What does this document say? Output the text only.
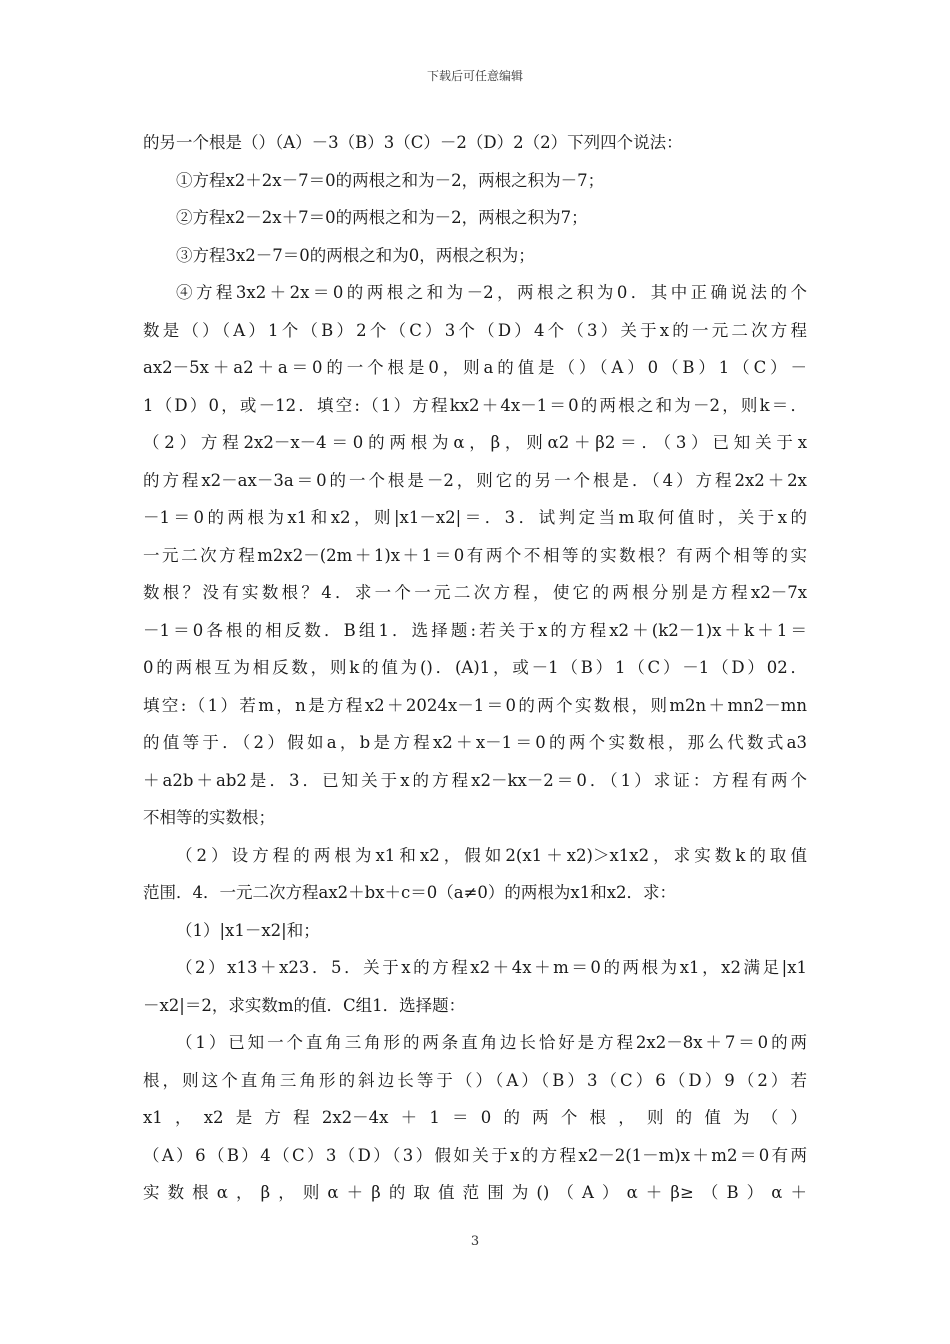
下载后可任意编辑
的另一个根是（）（A）－3（B）3（C）－2（D）2（2）下列四个说法：
①方程x2＋2x－7＝0的两根之和为－2，两根之积为－7；
②方程x2－2x＋7＝0的两根之和为－2，两根之积为7；
③方程3x2－7＝0的两根之和为0，两根之积为；
④方程3x2＋2x＝0的两根之和为－2，两根之积为0．其中正确说法的个
数是（）（A）1个（B）2个（C）3个（D）4个（3）关于x的一元二次方程
ax2－5x＋a2＋a＝0的一个根是0，则a的值是（）（A）0（B）1（C）－
1（D）0，或－12．填空:（1）方程kx2＋4x－1＝0的两根之和为－2，则k＝．
（2）方程2x2－x－4＝0的两根为α，β，则α2＋β2＝．（3）已知关于x
的方程x2－ax－3a＝0的一个根是－2，则它的另一个根是．（4）方程2x2＋2x
－1＝0的两根为x1和x2，则|x1－x2|＝．3．试判定当m取何值时，关于x的
一元二次方程m2x2－(2m＋1)x＋1＝0有两个不相等的实数根？有两个相等的实
数根？没有实数根？4．求一个一元二次方程，使它的两根分别是方程x2－7x
－1＝0各根的相反数．B组1．选择题:若关于x的方程x2＋(k2－1)x＋k＋1＝
0的两根互为相反数，则k的值为()．(A)1，或－1（B）1（C）－1（D）02．
填空:（1）若m，n是方程x2＋2024x－1＝0的两个实数根，则m2n＋mn2－mn
的值等于．（2）假如a，b是方程x2＋x－1＝0的两个实数根，那么代数式a3
＋a2b＋ab2是．3．已知关于x的方程x2－kx－2＝0．（1）求证：方程有两个
不相等的实数根；
（2）设方程的两根为x1和x2，假如2(x1＋x2)＞x1x2，求实数k的取值
范围．4．一元二次方程ax2＋bx＋c＝0（a≠0）的两根为x1和x2．求：
（1）|x1－x2|和；
（2）x13＋x23．5．关于x的方程x2＋4x＋m＝0的两根为x1，x2满足|x1
－x2|＝2，求实数m的值．C组1．选择题：
（1）已知一个直角三角形的两条直角边长恰好是方程2x2－8x＋7＝0的两
根，则这个直角三角形的斜边长等于（）（A）（B）3（C）6（D）9（2）若
x1，x2是方程2x2－4x＋1＝0的两个根，则的值为（）
（A）6（B）4（C）3（D）（3）假如关于x的方程x2－2(1－m)x＋m2＝0有两
实数根α，β，则α＋β的取值范围为()（A）α＋β≥（B）α＋
3
